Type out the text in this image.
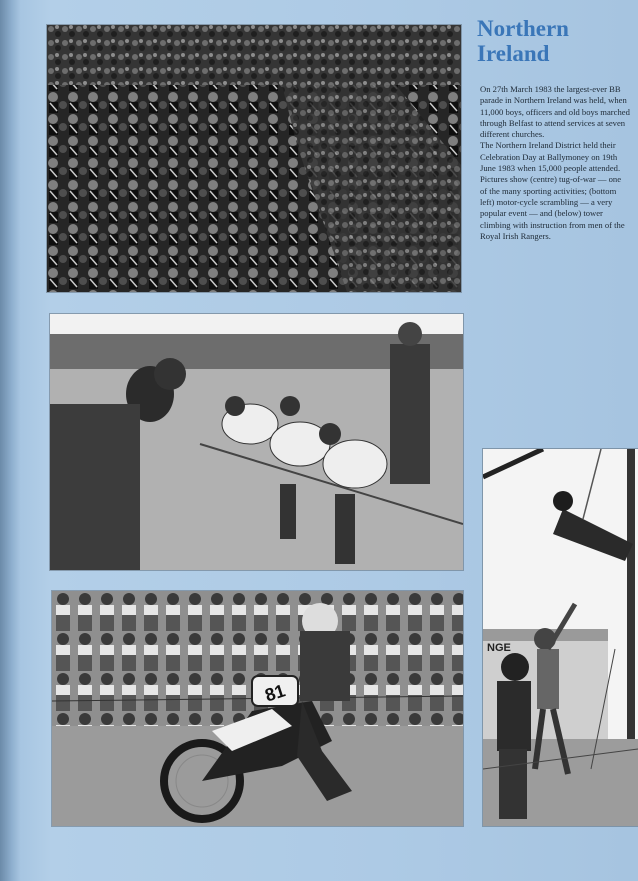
81
NGE
Northern
Ireland

On 27th March 1983 the largest-ever BB parade in Northern Ireland was held, when 11,000 boys, officers and old boys marched through Belfast to attend services at seven different churches.

The Northern Ireland District held their Celebration Day at Ballymoney on 19th June 1983 when 15,000 people attended. Pictures show (centre) tug-of-war — one of the many sporting activities; (bottom left) motor-cycle scrambling — a very popular event — and (below) tower climbing with instruction from men of the Royal Irish Rangers.
